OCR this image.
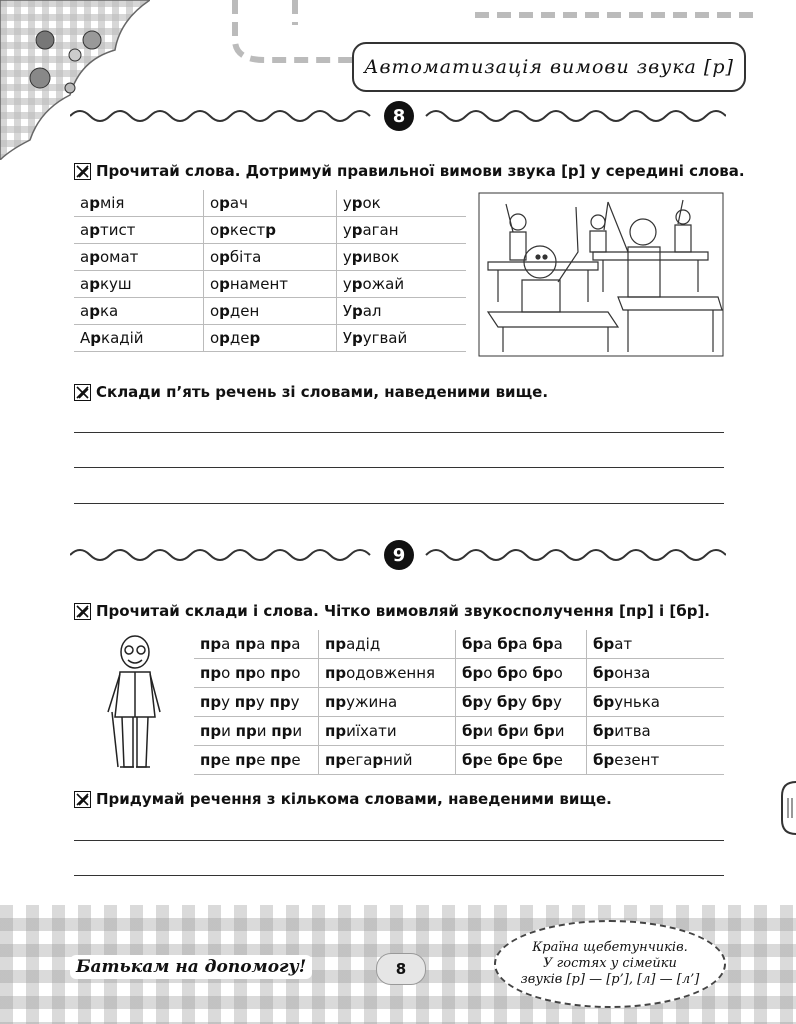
Автоматизація вимови звука [р]
8
Прочитай слова. Дотримуй правильної вимови звука [р] у середині слова.
армія	орач	урок
артист	оркестр	ураган
аромат	орбіта	уривок
аркуш	орнамент	урожай
арка	орден	Урал
Аркадій	ордер	Уругвай
Склади п’ять речень зі словами, наведеними вище.
9
Прочитай склади і слова. Чітко вимовляй звукосполучення [пр] і [бр].
пра пра пра	прадід	бра бра бра	брат
про про про	продовження	бро бро бро	бронза
пру пру пру	пружина	бру бру бру	брунька
при при при	приїхати	бри бри бри	бритва
пре пре пре	прегарний	бре бре бре	брезент
Придумай речення з кількома словами, наведеними вище.
Батькам на допомогу!	8
Країна щебетунчиків.
У гостях у сімейки
звуків [р] — [р’], [л] — [л’]
